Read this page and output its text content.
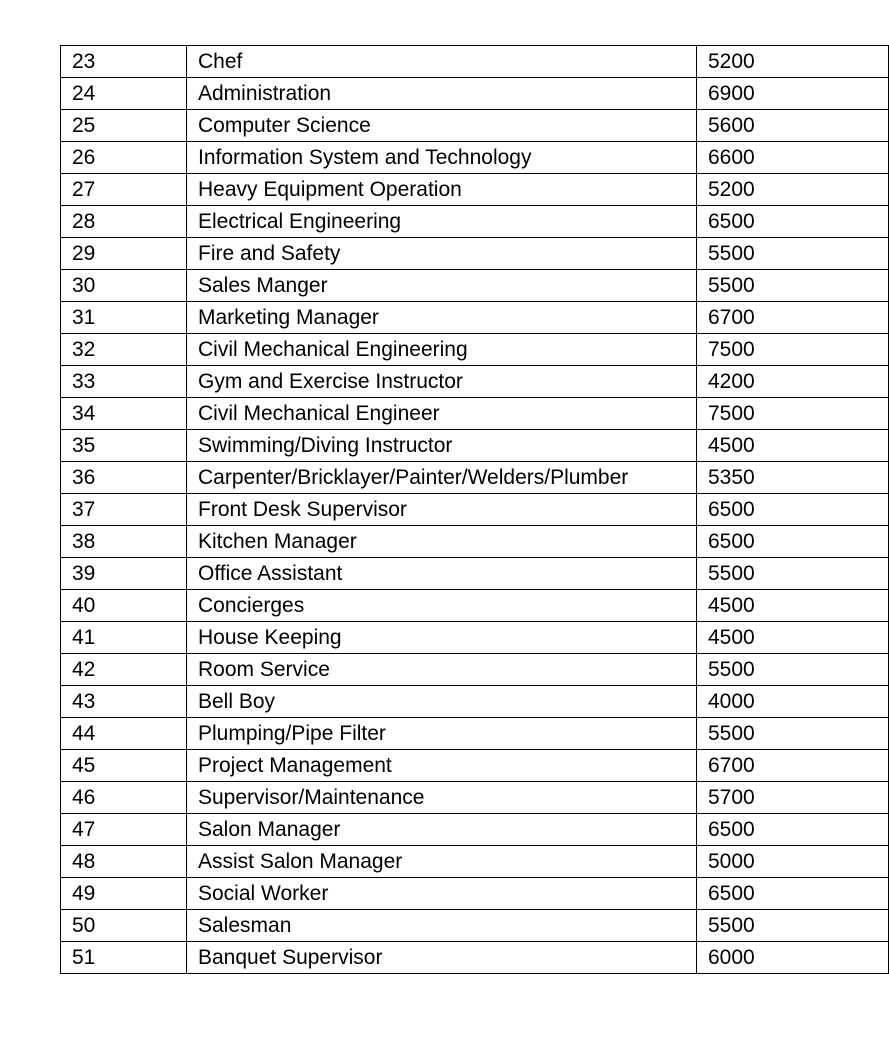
23	Chef	5200
24	Administration	6900
25	Computer Science	5600
26	Information System and Technology	6600
27	Heavy Equipment Operation	5200
28	Electrical Engineering	6500
29	Fire and Safety	5500
30	Sales Manger	5500
31	Marketing Manager	6700
32	Civil Mechanical Engineering	7500
33	Gym and Exercise Instructor	4200
34	Civil Mechanical Engineer	7500
35	Swimming/Diving Instructor	4500
36	Carpenter/Bricklayer/Painter/Welders/Plumber	5350
37	Front Desk Supervisor	6500
38	Kitchen Manager	6500
39	Office Assistant	5500
40	Concierges	4500
41	House Keeping	4500
42	Room Service	5500
43	Bell Boy	4000
44	Plumping/Pipe Filter	5500
45	Project Management	6700
46	Supervisor/Maintenance	5700
47	Salon Manager	6500
48	Assist Salon Manager	5000
49	Social Worker	6500
50	Salesman	5500
51	Banquet Supervisor	6000
